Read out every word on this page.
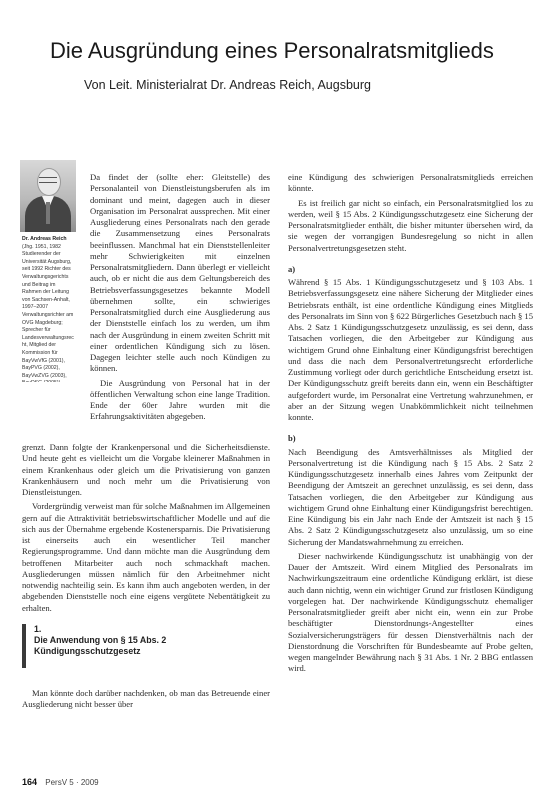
Die Ausgründung eines Personalratsmitglieds
Von Leit. Ministerialrat Dr. Andreas Reich, Augsburg
Dr. Andreas Reich
(Jhg. 1951, 1982 Studierender der Universität Augsburg, seit 1992 Richter des Verwaltungsgerichts und Beitrag im Rahmen der Leitung von Sachsen-Anhalt, 1997–2007 Verwaltungsrichter am OVG Magdeburg; Sprecher für Landesverwaltungsrecht, Mitglied der Kommission für BayVwVfG (2001), BayPVG (2002), BayVwZVG (2003),

Da findet der (sollte eher: Gleitstelle) des Personalanteil von Dienstleistungsberufen als im dominant und meint, dagegen auch in dieser Organisation im Personalrat aussprechen. Mit einer Ausgliederung eines Personalrats nach den gerade die Zusammensetzung eines Personalrats beeinflussen. Manchmal hat ein Dienststellenleiter mehr Schwierigkeiten mit einzelnen Personalratsmitgliedern. Dann überlegt er vielleicht auch, ob er nicht die aus dem Geltungsbereich des Betriebsverfassungsgesetzes bekannte Modell übernehmen sollte, ein schwieriges Personalratsmitglied durch eine Ausgliederung aus der Dienststelle einfach los zu werden, um ihm nach der Ausgründung in einem zweiten Schritt mit einer ordentlichen Kündigung sich zu lösen. Dagegen leichter stelle auch noch Kündigen zu können.

Die Ausgründung von Personal hat in der öffentlichen Verwaltung schon eine lange Tradition. Ende der 60er Jahre wurden mit die Erfahrungsaktivitäten abgegeben.

grenzt. Dann folgte der Krankenpersonal und die Sicherheitsdienste. Und heute geht es vielleicht um die Vorgabe kleinerer Maßnahmen in einem Krankenhaus oder gleich um die Privatisierung von ganzen Krankenhäusern und noch mehr um die Privatisierung von Dienstleistungen.

Vordergründig verweist man für solche Maßnahmen im Allgemeinen gern auf die Attraktivität betriebswirtschaftlicher Modelle und auf die sich aus der Übernahme ergebende Kostenersparnis. Die Privatisierung ist einerseits auch ein wesentlicher Teil mancher Regierungsprogramme. Und dann möchte man die Ausgründung dem betroffenen Mitarbeiter auch noch schmackhaft machen. Ausgliederungen müssen nämlich für den Arbeitnehmer nicht notwendig nachteilig sein. Es kann ihm auch angeboten werden, in der abgebenden Dienststelle noch eine eigens vergütete Nebentätigkeit zu erhalten.

1.
Die Anwendung von § 15 Abs. 2 Kündigungsschutzgesetz

Man könnte doch darüber nachdenken, ob man das Betreuende einer Ausgliederung nicht besser über

eine Kündigung des schwierigen Personalratsmitglieds erreichen könnte.

Es ist freilich gar nicht so einfach, ein Personalratsmitglied los zu werden, weil § 15 Abs. 2 Kündigungsschutzgesetz eine Sicherung der Personalratsmitglieder enthält, die bisher mitunter übersehen wird, da sie wegen der vorrangigen Bundesregelung so nicht in allen Personalvertretungsgesetzen steht.

a)

Während § 15 Abs. 1 Kündigungsschutzgesetz und § 103 Abs. 1 Betriebsverfassungsgesetz eine nähere Sicherung der Mitglieder eines Betriebsrats enthält, ist eine ordentliche Kündigung eines Mitglieds des Personalrats im Sinn von § 622 Bürgerliches Gesetzbuch nach § 15 Abs. 2 Satz 1 Kündigungsschutzgesetz unzulässig, es sei denn, dass Tatsachen vorliegen, die den Arbeitgeber zur Kündigung aus wichtigem Grund ohne Einhaltung einer Kündigungsfrist berechtigen und dass die nach dem Personalvertretungsrecht erforderliche Zustimmung vorliegt oder durch gerichtliche Entscheidung ersetzt ist. Der Kündigungsschutz greift bereits dann ein, wenn ein Beschäftigter aufgefordert wurde, im Personalrat eine Vertretung wahrzunehmen, er aber an der Sitzung wegen Unabkömmlichkeit nicht teilnehmen konnte.

b)

Nach Beendigung des Amtsverhältnisses als Mitglied der Personalvertretung ist die Kündigung nach § 15 Abs. 2 Satz 2 Kündigungsschutzgesetz innerhalb eines Jahres vom Zeitpunkt der Beendigung der Amtszeit an gerechnet unzulässig, es sei denn, dass Tatsachen vorliegen, die den Arbeitgeber zur Kündigung aus wichtigem Grund ohne Einhaltung einer Kündigungsfrist berechtigen. Eine Kündigung bis ein Jahr nach Ende der Amtszeit ist nach § 15 Abs. 2 Satz 2 Kündigungsschutzgesetz also unzulässig, um so eine Sicherung der Mandatswahrnehmung zu erreichen.

Dieser nachwirkende Kündigungsschutz ist unabhängig von der Dauer der Amtszeit. Wird einem Mitglied des Personalrats im Nachwirkungszeitraum eine ordentliche Kündigung erklärt, ist diese auch dann nichtig, wenn ein wichtiger Grund zur fristlosen Kündigung vorgelegen hat. Der nachwirkende Kündigungsschutz ehemaliger Personalratsmitglieder greift aber nicht ein, wenn ein zur Probe beschäftigter Dienstordnungs-Angestellter eines Sozialversicherungsträgers für dessen Dienstverhältnis nach der Dienstordnung die Vorschriften für Bundesbeamte auf Probe gelten, wegen mangelnder Bewährung nach § 31 Abs. 1 Nr. 2 BBG entlassen wird.

164 PersV 5 · 2009
